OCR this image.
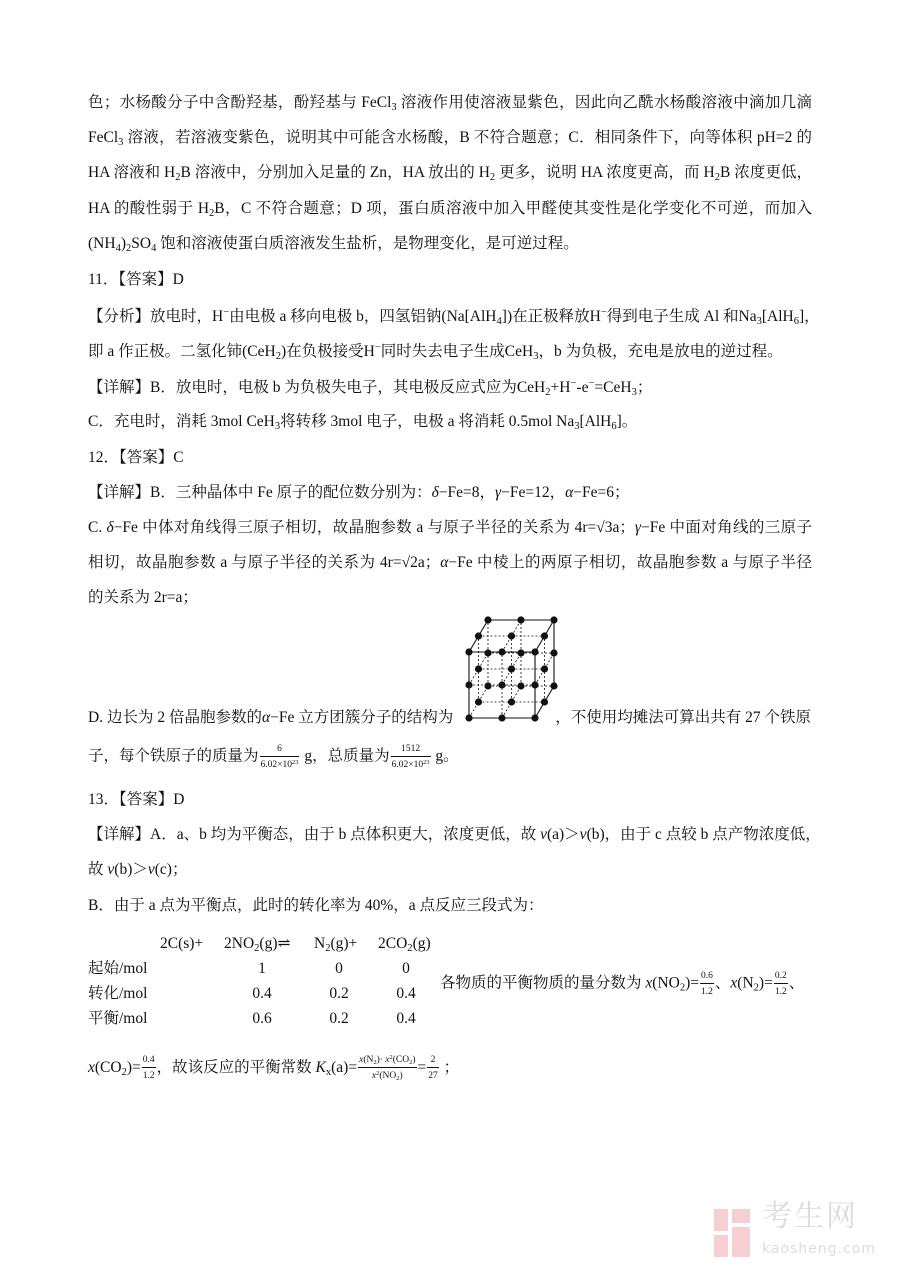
色；水杨酸分子中含酚羟基，酚羟基与 FeCl$_3$ 溶液作用使溶液显紫色，因此向乙酰水杨酸溶液中滴加几滴
FeCl$_3$ 溶液，若溶液变紫色，说明其中可能含水杨酸，B 不符合题意；C．相同条件下，向等体积 pH=2 的
HA 溶液和 $H_2B$ 溶液中，分别加入足量的 Zn，HA 放出的 $H_2$ 更多，说明 HA 浓度更高，而 $H_2B$ 浓度更低，
HA 的酸性弱于 $H_2B$，C 不符合题意；D 项，蛋白质溶液中加入甲醛使其变性是化学变化不可逆，而加入
$(NH_4)_2SO_4$ 饱和溶液使蛋白质溶液发生盐析，是物理变化，是可逆过程。
11．【答案】D
【分析】放电时，H−由电极 a 移向电极 b，四氢铝钠(Na[AlH$_4$])在正极释放H−得到电子生成 Al 和$Na_3[AlH_6]$，
即 a 作正极。二氢化铈(CeH$_2$)在负极接受H−同时失去电子生成CeH$_3$，b 为负极，充电是放电的逆过程。
【详解】B．放电时，电极 b 为负极失电子，其电极反应式应为CeH$_2$+H−-e−=CeH$_3$；
C．充电时，消耗 3mol CeH$_3$将转移 3mol 电子，电极 a 将消耗 0.5mol $Na_3[AlH_6]$。
12．【答案】C
【详解】B．三种晶体中 Fe 原子的配位数分别为：δ−Fe=8，γ−Fe=12，α−Fe=6；
C. δ−Fe 中体对角线得三原子相切，故晶胞参数 a 与原子半径的关系为 4r=√3a；γ−Fe 中面对角线的三原子
相切，故晶胞参数 a 与原子半径的关系为 4r=√2a；α−Fe 中棱上的两原子相切，故晶胞参数 a 与原子半径
的关系为 2r=a；
D. 边长为 2 倍晶胞参数的α−Fe 立方团簇分子的结构为	，不使用均摊法可算出共有 27 个铁原
子，每个铁原子的质量为 $\frac{6}{6.02\times 10^{23}}$ g，总质量为 $\frac{1512}{6.02\times 10^{23}}$ g。
13．【答案】D
【详解】A．a、b 均为平衡态，由于 b 点体积更大，浓度更低，故 v(a)＞v(b)，由于 c 点较 b 点产物浓度低，
故 v(b)＞v(c)；
B．由于 a 点为平衡点，此时的转化率为 40%，a 点反应三段式为：
各物质的平衡物质的量分数为 $x(NO_2)= \frac{0.6}{1.2}$ 、$x(N_2)= \frac{0.2}{1.2}$ 、
$x(CO_2)= \frac{0.4}{1.2}$ ，故该反应的平衡常数 $K_x(a)= \frac{x(N_2)\cdot x^2(CO_2)}{x^2(NO_2)} = \frac{2}{27}$ ；
$2C(s)+ 2NO_2(g)\rightleftharpoons$ $N_2(g)+ 2CO_2(g)$
起始/mol	1	0	0
转化/mol	0.4	0.2	0.4
平衡/mol	0.6	0.2	0.4
考生网
kaosheng.com
